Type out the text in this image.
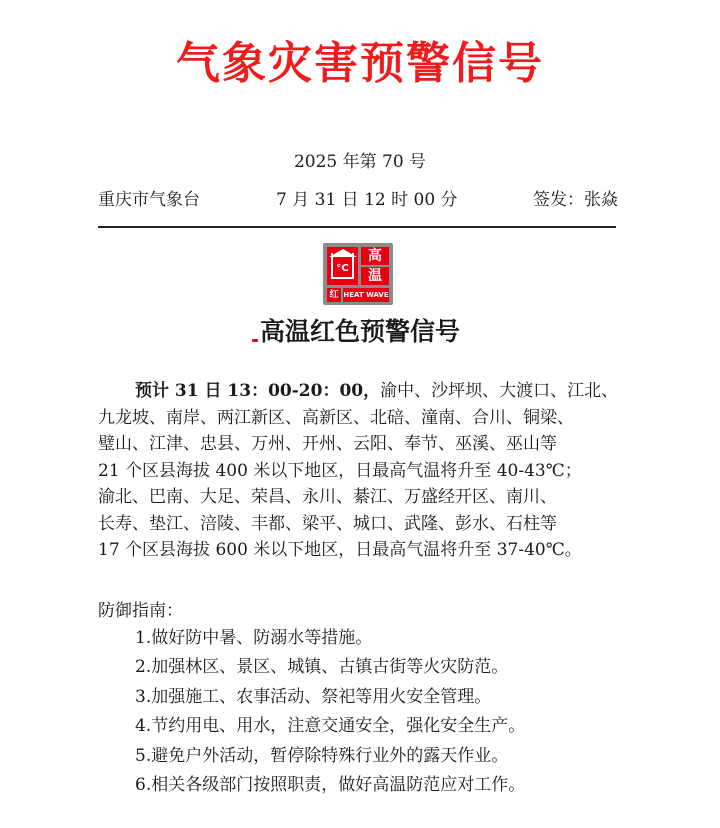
气象灾害预警信号
2025 年第 70 号
重庆市气象台	7 月 31 日 12 时 00 分	签发：张焱
°C
高
温
红 HEAT WAVE
高温红色预警信号
预计 31 日 13：00-20：00，渝中、沙坪坝、大渡口、江北、
九龙坡、南岸、两江新区、高新区、北碚、潼南、合川、铜梁、
璧山、江津、忠县、万州、开州、云阳、奉节、巫溪、巫山等
21 个区县海拔 400 米以下地区，日最高气温将升至 40-43℃；
渝北、巴南、大足、荣昌、永川、綦江、万盛经开区、南川、
长寿、垫江、涪陵、丰都、梁平、城口、武隆、彭水、石柱等
17 个区县海拔 600 米以下地区，日最高气温将升至 37-40℃。
防御指南：
1.做好防中暑、防溺水等措施。
2.加强林区、景区、城镇、古镇古街等火灾防范。
3.加强施工、农事活动、祭祀等用火安全管理。
4.节约用电、用水，注意交通安全，强化安全生产。
5.避免户外活动，暂停除特殊行业外的露天作业。
6.相关各级部门按照职责，做好高温防范应对工作。
